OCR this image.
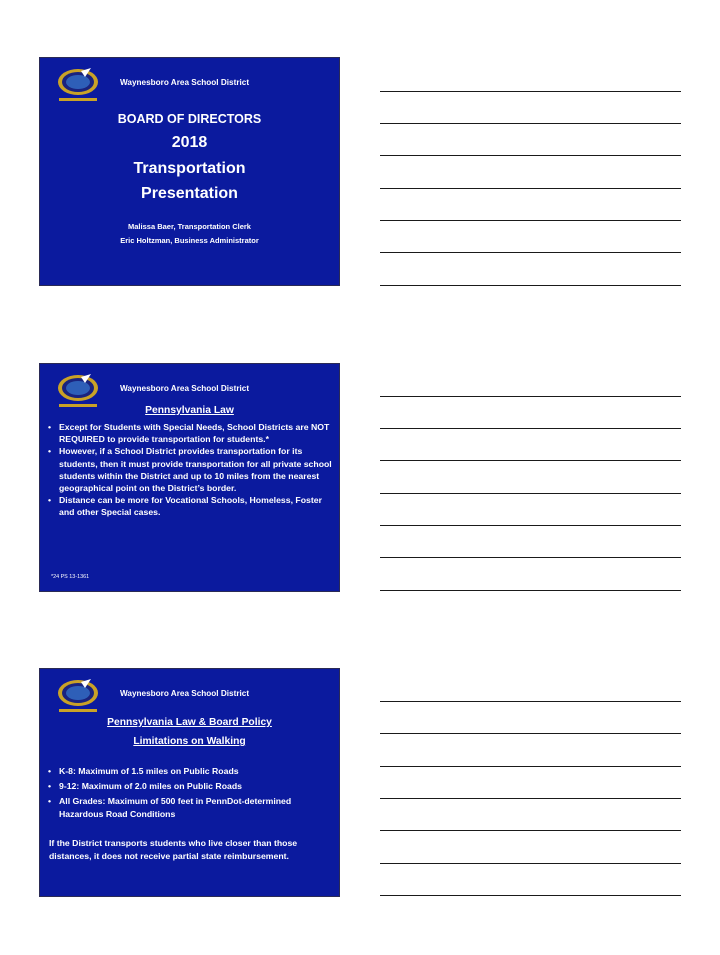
Waynesboro Area School District
BOARD OF DIRECTORS
2018
Transportation
Presentation
Malissa Baer, Transportation Clerk
Eric Holtzman, Business Administrator
Waynesboro Area School District
Pennsylvania Law
• Except for Students with Special Needs, School Districts are NOT REQUIRED to provide transportation for students.*
• However, if a School District provides transportation for its students, then it must provide transportation for all private school students within the District and up to 10 miles from the nearest geographical point on the District’s border.
• Distance can be more for Vocational Schools, Homeless, Foster and other Special cases.
*24 PS 13-1361
Waynesboro Area School District
Pennsylvania Law & Board Policy
Limitations on Walking
• K-8: Maximum of 1.5 miles on Public Roads
• 9-12: Maximum of 2.0 miles on Public Roads
• All Grades: Maximum of 500 feet in PennDot-determined Hazardous Road Conditions
If the District transports students who live closer than those distances, it does not receive partial state reimbursement.
